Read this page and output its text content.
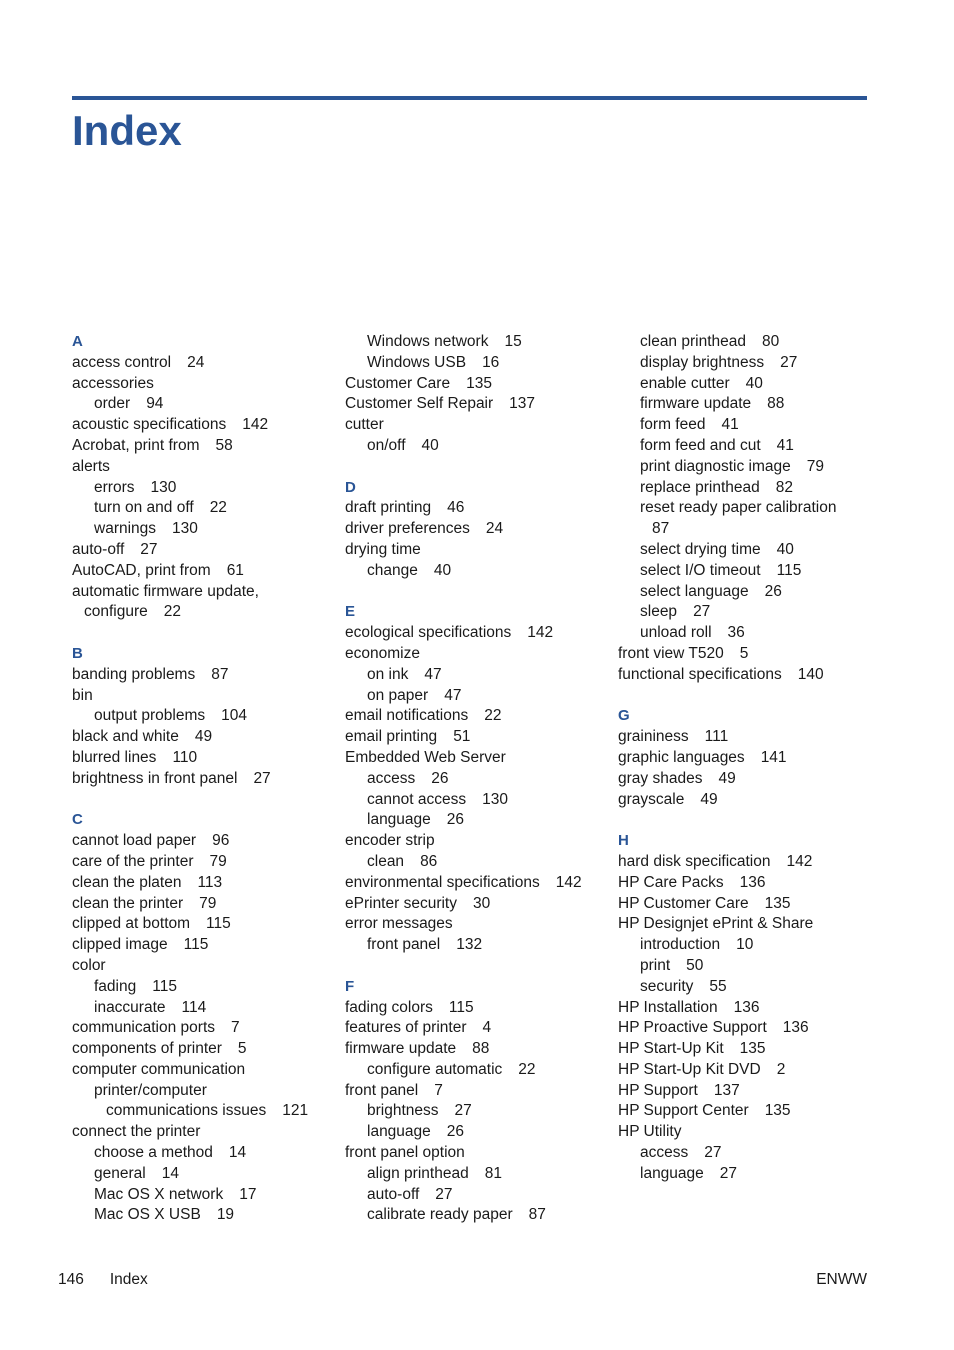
Index
A
access control 24
accessories
order 94
acoustic specifications 142
Acrobat, print from 58
alerts
errors 130
turn on and off 22
warnings 130
auto-off 27
AutoCAD, print from 61
automatic firmware update,
configure 22
B
banding problems 87
bin
output problems 104
black and white 49
blurred lines 110
brightness in front panel 27
C
cannot load paper 96
care of the printer 79
clean the platen 113
clean the printer 79
clipped at bottom 115
clipped image 115
color
fading 115
inaccurate 114
communication ports 7
components of printer 5
computer communication
printer/computer
communications issues 121
connect the printer
choose a method 14
general 14
Mac OS X network 17
Mac OS X USB 19
Windows network 15
Windows USB 16
Customer Care 135
Customer Self Repair 137
cutter
on/off 40
D
draft printing 46
driver preferences 24
drying time
change 40
E
ecological specifications 142
economize
on ink 47
on paper 47
email notifications 22
email printing 51
Embedded Web Server
access 26
cannot access 130
language 26
encoder strip
clean 86
environmental specifications 142
ePrinter security 30
error messages
front panel 132
F
fading colors 115
features of printer 4
firmware update 88
configure automatic 22
front panel 7
brightness 27
language 26
front panel option
align printhead 81
auto-off 27
calibrate ready paper 87
clean printhead 80
display brightness 27
enable cutter 40
firmware update 88
form feed 41
form feed and cut 41
print diagnostic image 79
replace printhead 82
reset ready paper calibration
87
select drying time 40
select I/O timeout 115
select language 26
sleep 27
unload roll 36
front view T520 5
functional specifications 140
G
graininess 111
graphic languages 141
gray shades 49
grayscale 49
H
hard disk specification 142
HP Care Packs 136
HP Customer Care 135
HP Designjet ePrint & Share
introduction 10
print 50
security 55
HP Installation 136
HP Proactive Support 136
HP Start-Up Kit 135
HP Start-Up Kit DVD 2
HP Support 137
HP Support Center 135
HP Utility
access 27
language 27
146 Index	ENWW
